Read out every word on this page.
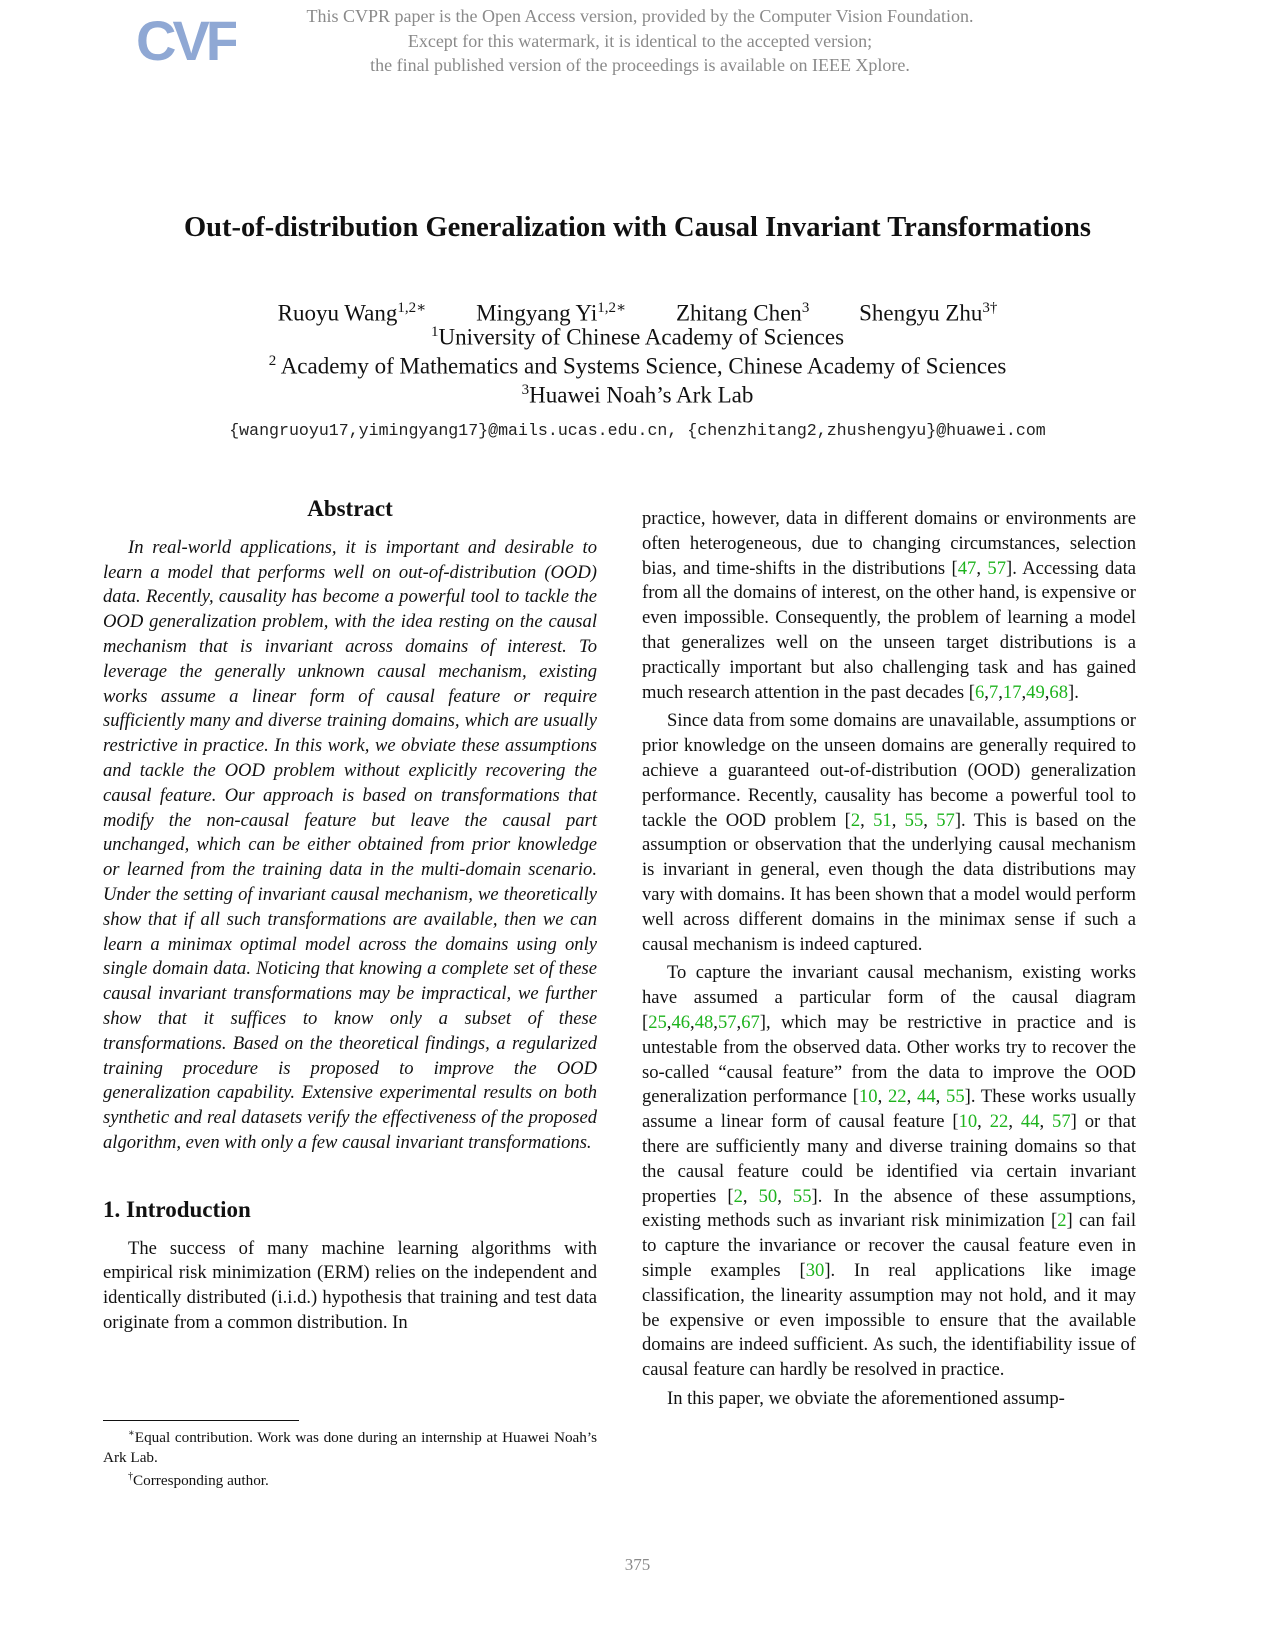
CVF	This CVPR paper is the Open Access version, provided by the Computer Vision Foundation.
Except for this watermark, it is identical to the accepted version;
the final published version of the proceedings is available on IEEE Xplore.
Out-of-distribution Generalization with Causal Invariant Transformations
Ruoyu Wang$^{1,2∗}$ Mingyang $Yi^{1,2∗}$ Zhitang Chen$^3$ Shengyu Zhu$^{3\dagger}$
$^1$University of Chinese Academy of Sciences
$^2$ Academy of Mathematics and Systems Science, Chinese Academy of Sciences
$^3$Huawei Noah’s Ark Lab
{wangruoyu17,yimingyang17}@mails.ucas.edu.cn, {chenzhitang2,zhushengyu}@huawei.com

Abstract

In real-world applications, it is important and desirable to learn a model that performs well on out-of-distribution (OOD) data. Recently, causality has become a powerful tool to tackle the OOD generalization problem, with the idea resting on the causal mechanism that is invariant across domains of interest. To leverage the generally unknown causal mechanism, existing works assume a linear form of causal feature or require sufficiently many and diverse training domains, which are usually restrictive in practice. In this work, we obviate these assumptions and tackle the OOD problem without explicitly recovering the causal feature. Our approach is based on transformations that modify the non-causal feature but leave the causal part unchanged, which can be either obtained from prior knowledge or learned from the training data in the multi-domain scenario. Under the setting of invariant causal mechanism, we theoretically show that if all such transformations are available, then we can learn a minimax optimal model across the domains using only single domain data. Noticing that knowing a complete set of these causal invariant transformations may be impractical, we further show that it suffices to know only a subset of these transformations. Based on the theoretical findings, a regularized training procedure is proposed to improve the OOD generalization capability. Extensive experimental results on both synthetic and real datasets verify the effectiveness of the proposed algorithm, even with only a few causal invariant transformations.

1. Introduction

The success of many machine learning algorithms with empirical risk minimization (ERM) relies on the independent and identically distributed (i.i.d.) hypothesis that training and test data originate from a common distribution. In

practice, however, data in different domains or environments are often heterogeneous, due to changing circumstances, selection bias, and time-shifts in the distributions [47, 57]. Accessing data from all the domains of interest, on the other hand, is expensive or even impossible. Consequently, the problem of learning a model that generalizes well on the unseen target distributions is a practically important but also challenging task and has gained much research attention in the past decades [6,7,17,49,68].

Since data from some domains are unavailable, assumptions or prior knowledge on the unseen domains are generally required to achieve a guaranteed out-of-distribution (OOD) generalization performance. Recently, causality has become a powerful tool to tackle the OOD problem [2, 51, 55, 57]. This is based on the assumption or observation that the underlying causal mechanism is invariant in general, even though the data distributions may vary with domains. It has been shown that a model would perform well across different domains in the minimax sense if such a causal mechanism is indeed captured.

To capture the invariant causal mechanism, existing works have assumed a particular form of the causal diagram [25,46,48,57,67], which may be restrictive in practice and is untestable from the observed data. Other works try to recover the so-called “causal feature” from the data to improve the OOD generalization performance [10, 22, 44, 55]. These works usually assume a linear form of causal feature [10, 22, 44, 57] or that there are sufficiently many and diverse training domains so that the causal feature could be identified via certain invariant properties [2, 50, 55]. In the absence of these assumptions, existing methods such as invariant risk minimization [2] can fail to capture the invariance or recover the causal feature even in simple examples [30]. In real applications like image classification, the linearity assumption may not hold, and it may be expensive or even impossible to ensure that the available domains are indeed sufficient. As such, the identifiability issue of causal feature can hardly be resolved in practice.

In this paper, we obviate the aforementioned assump-

∗Equal contribution. Work was done during an internship at Huawei Noah’s Ark Lab.

†Corresponding author.

375
